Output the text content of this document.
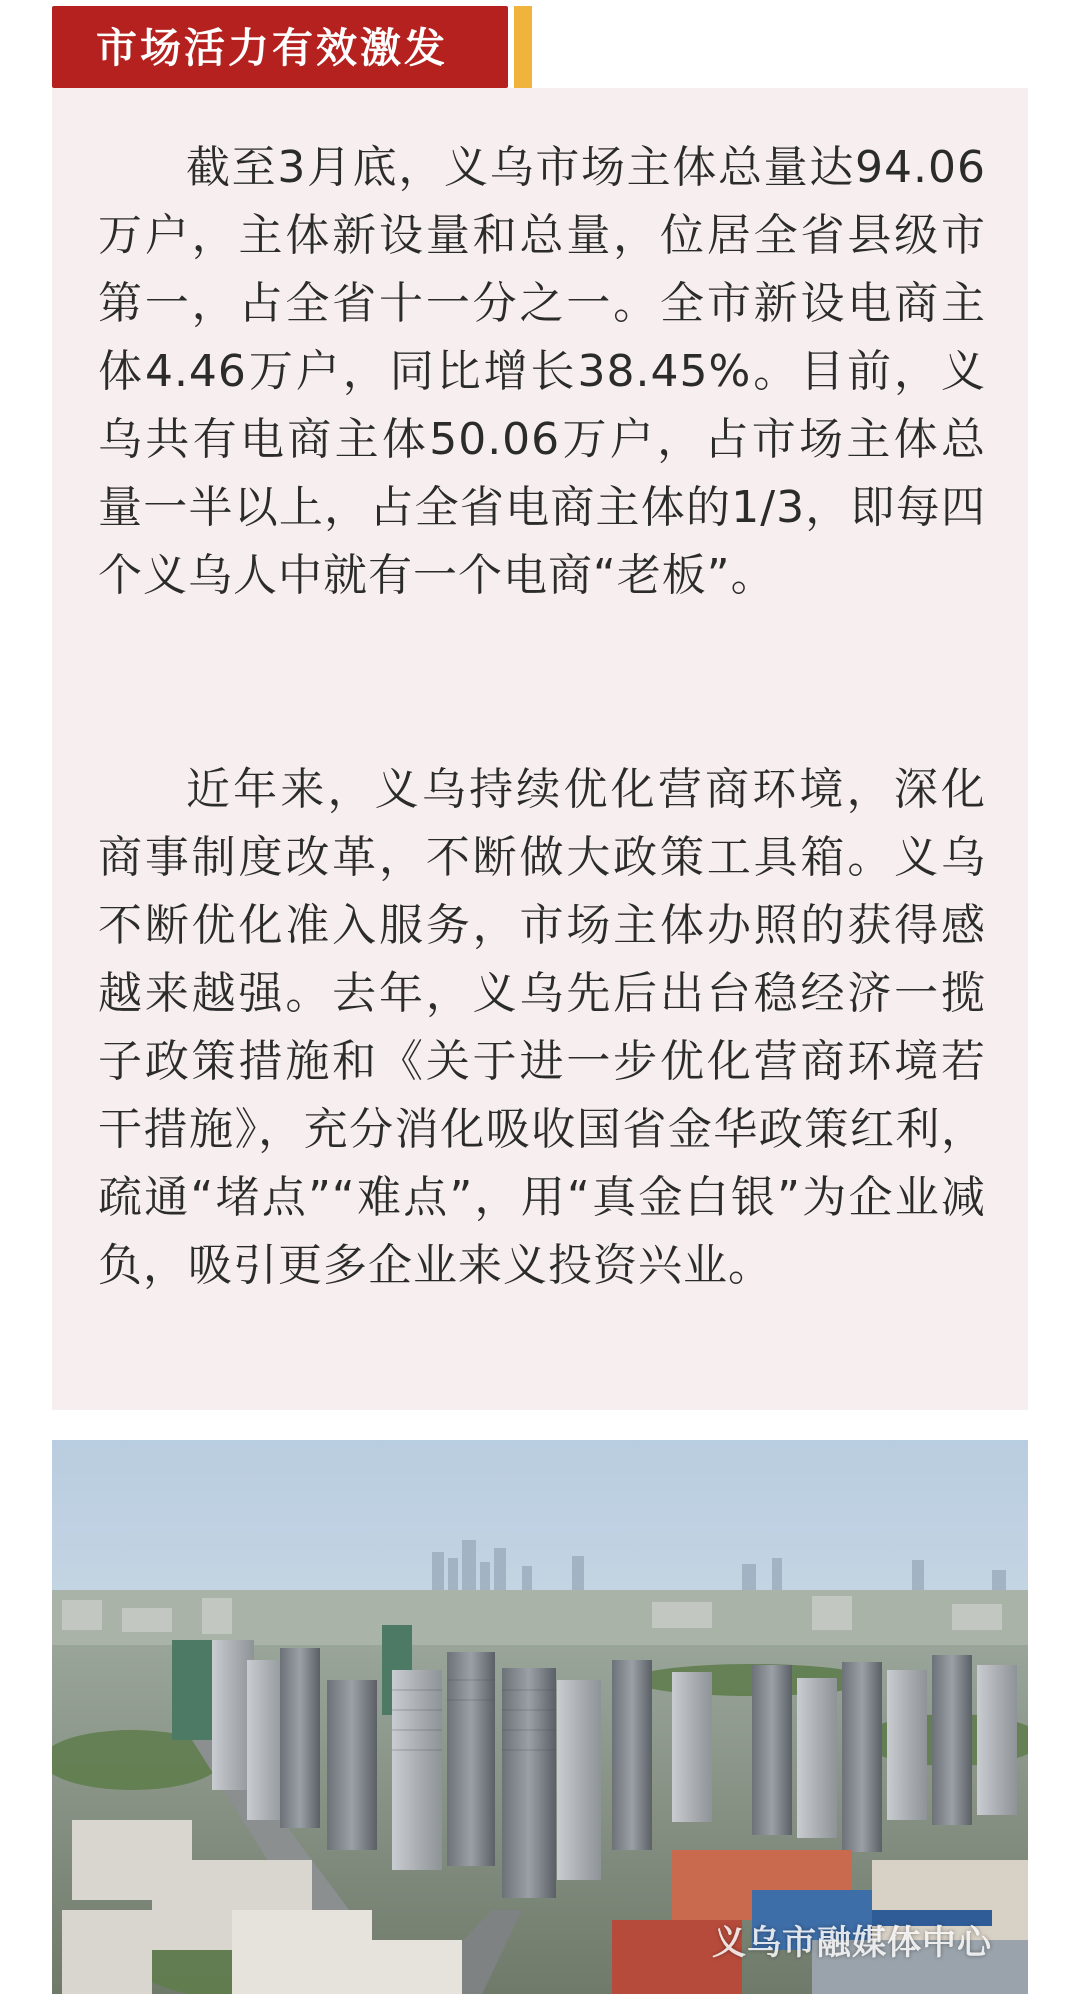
市场活力有效激发

截至3月底，义乌市场主体总量达94.06万户，主体新设量和总量，位居全省县级市第一，占全省十一分之一。全市新设电商主体4.46万户，同比增长38.45%。目前，义乌共有电商主体50.06万户，占市场主体总量一半以上，占全省电商主体的1/3，即每四个义乌人中就有一个电商“老板”。

近年来，义乌持续优化营商环境，深化商事制度改革，不断做大政策工具箱。义乌不断优化准入服务，市场主体办照的获得感越来越强。去年，义乌先后出台稳经济一揽子政策措施和《关于进一步优化营商环境若干措施》，充分消化吸收国省金华政策红利，疏通“堵点”“难点”，用“真金白银”为企业减负，吸引更多企业来义投资兴业。

义乌市融媒体中心
